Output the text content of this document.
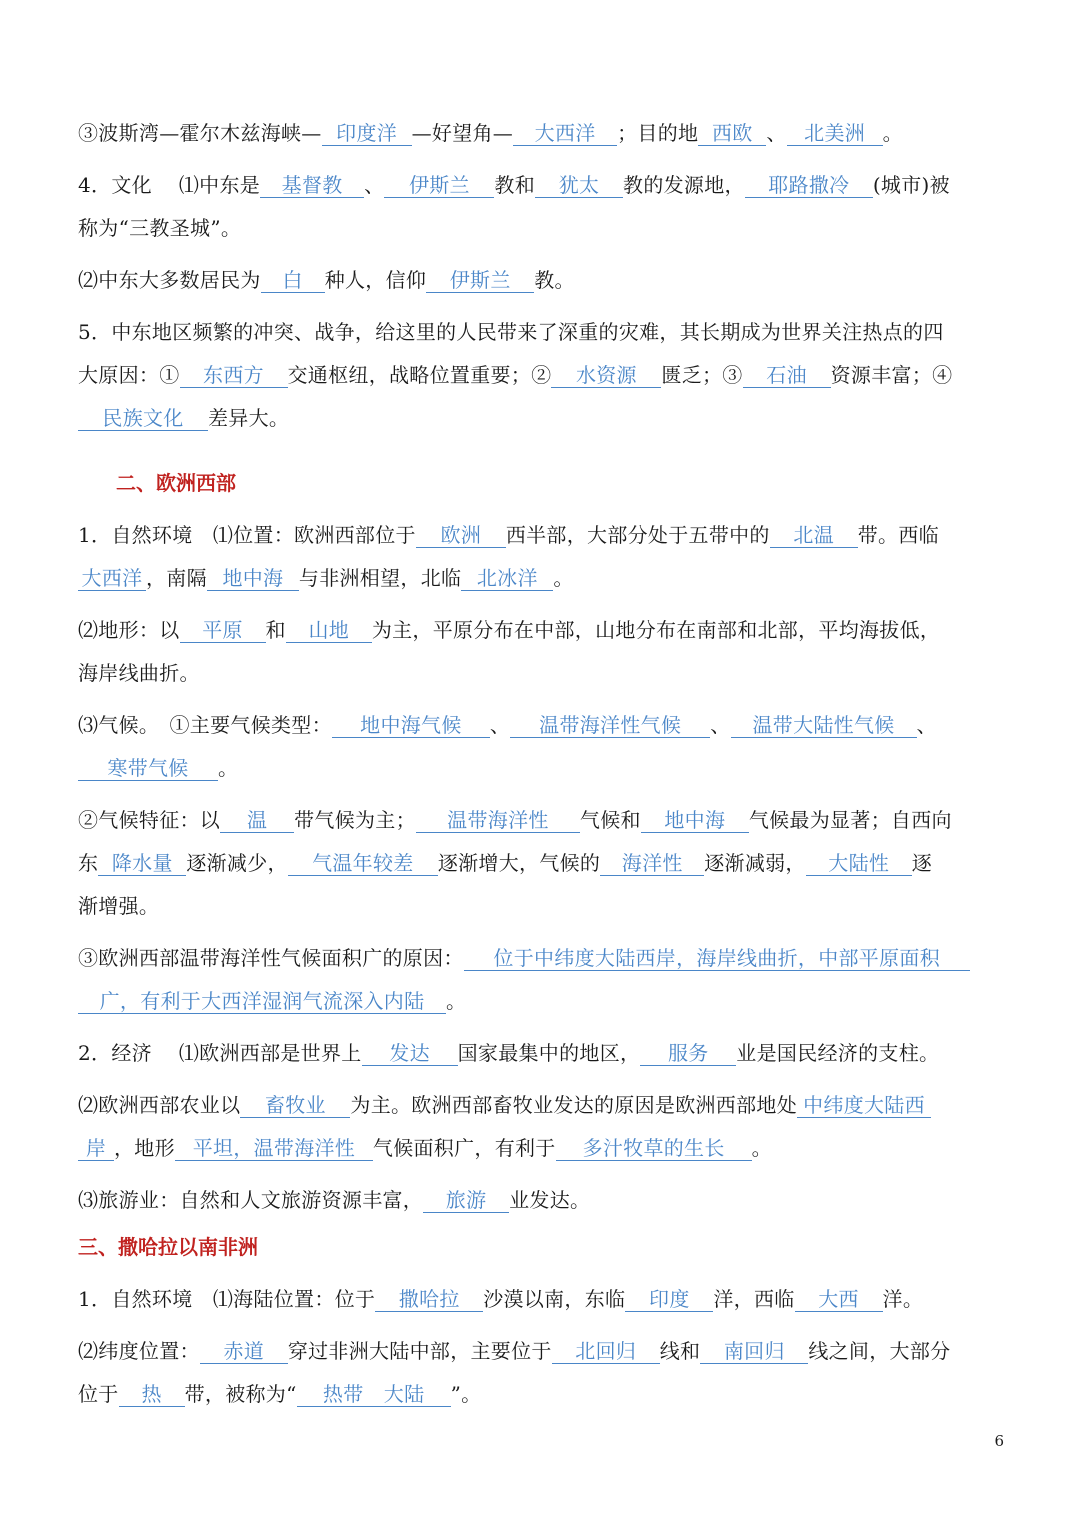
③波斯湾—霍尔木兹海峡— 印度洋 —好望角— 大西洋 ；目的地 西欧 、 北美洲 。
4．文化　 ⑴中东是 基督教 、 伊斯兰 教和 犹太 教的发源地， 耶路撒冷 (城市)被
称为“三教圣城”。
⑵中东大多数居民为 白 种人，信仰 伊斯兰 教。
5．中东地区频繁的冲突、战争，给这里的人民带来了深重的灾难，其长期成为世界关注热点的四
大原因：① 东西方 交通枢纽，战略位置重要；② 水资源 匮乏；③ 石油 资源丰富；④
民族文化 差异大。
二、欧洲西部
1．自然环境　⑴位置：欧洲西部位于 欧洲 西半部，大部分处于五带中的 北温 带。西临
大西洋 ，南隔 地中海 与非洲相望，北临 北冰洋 。
⑵地形：以 平原 和 山地 为主，平原分布在中部，山地分布在南部和北部，平均海拔低，
海岸线曲折。
⑶气候。　①主要气候类型： 地中海气候 、 温带海洋性气候 、 温带大陆性气候 、
寒带气候 。
②气候特征：以 温 带气候为主； 温带海洋性 气候和 地中海 气候最为显著；自西向
东 降水量 逐渐减少， 气温年较差 逐渐增大，气候的 海洋性 逐渐减弱， 大陆性 逐
渐增强。
③欧洲西部温带海洋性气候面积广的原因： 位于中纬度大陆西岸，海岸线曲折，中部平原面积
广，有利于大西洋湿润气流深入内陆 。
2．经济　 ⑴欧洲西部是世界上 发达 国家最集中的地区， 服务 业是国民经济的支柱。
⑵欧洲西部农业以 畜牧业 为主。欧洲西部畜牧业发达的原因是欧洲西部地处 中纬度大陆西
岸 ，地形 平坦，温带海洋性 气候面积广，有利于 多汁牧草的生长 。
⑶旅游业：自然和人文旅游资源丰富， 旅游 业发达。
三、撒哈拉以南非洲
1．自然环境　⑴海陆位置：位于 撒哈拉 沙漠以南，东临 印度 洋，西临 大西 洋。
⑵纬度位置： 赤道 穿过非洲大陆中部，主要位于 北回归 线和 南回归 线之间，大部分
位于 热 带，被称为“ 热带　大陆 ”。
6
